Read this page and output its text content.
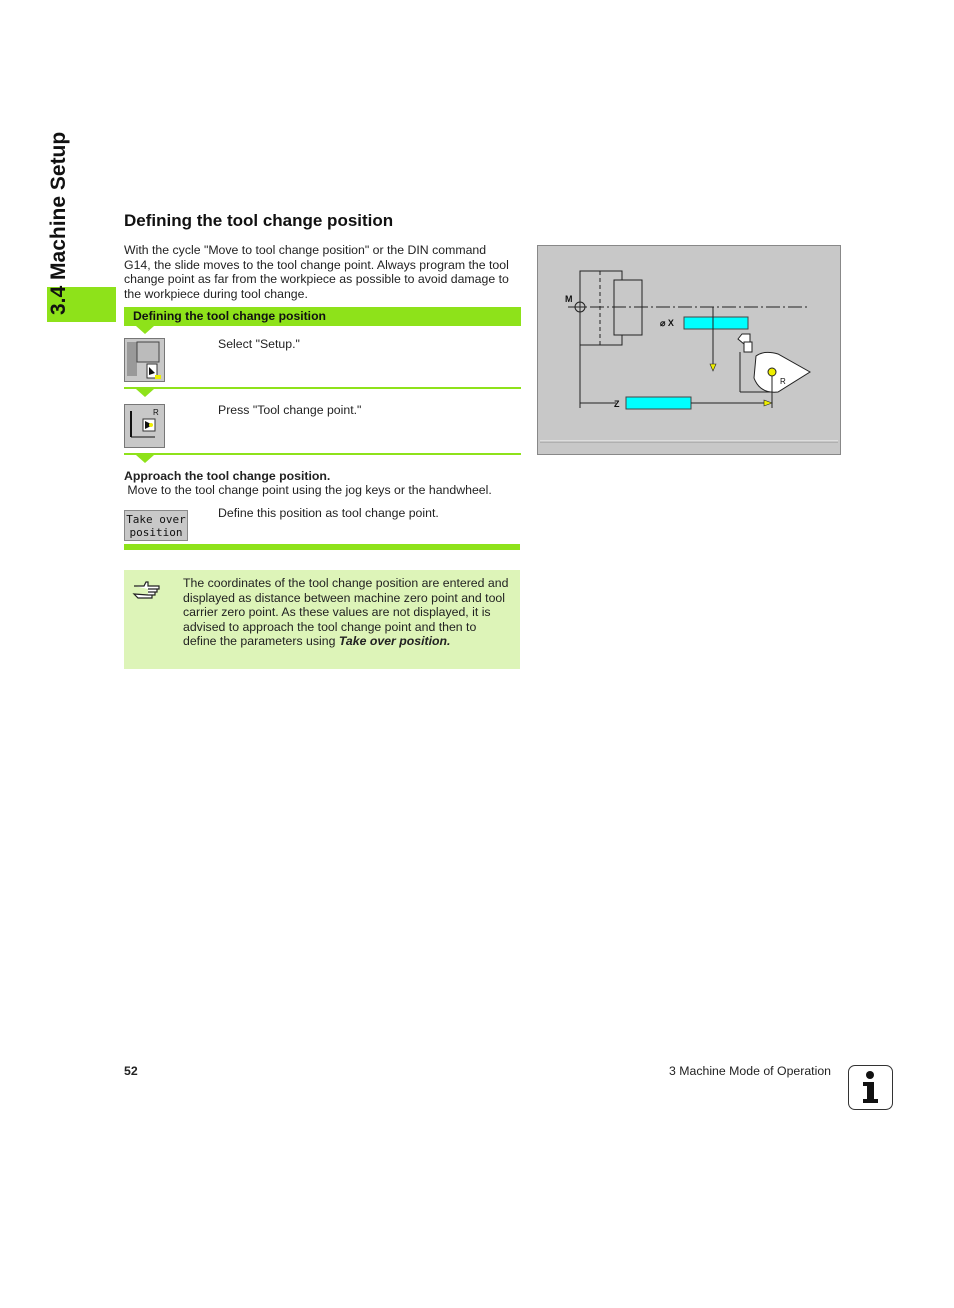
3.4 Machine Setup	Defining the tool change position
With the cycle "Move to tool change position" or the DIN command G14, the slide moves to the tool change point. Always program the tool change point as far from the workpiece as possible to avoid damage to the workpiece during tool change.
Defining the tool change position
Select "Setup."
R	Press "Tool change point."
Approach the tool change position.
Move to the tool change point using the jog keys or the handwheel.
Take over
position
Define this position as tool change point.
The coordinates of the tool change position are entered and displayed as distance between machine zero point and tool carrier zero point. As these values are not displayed, it is advised to approach the tool change point and then to define the parameters using Take over position.
M
⌀ X
R
Z
52	3 Machine Mode of Operation
